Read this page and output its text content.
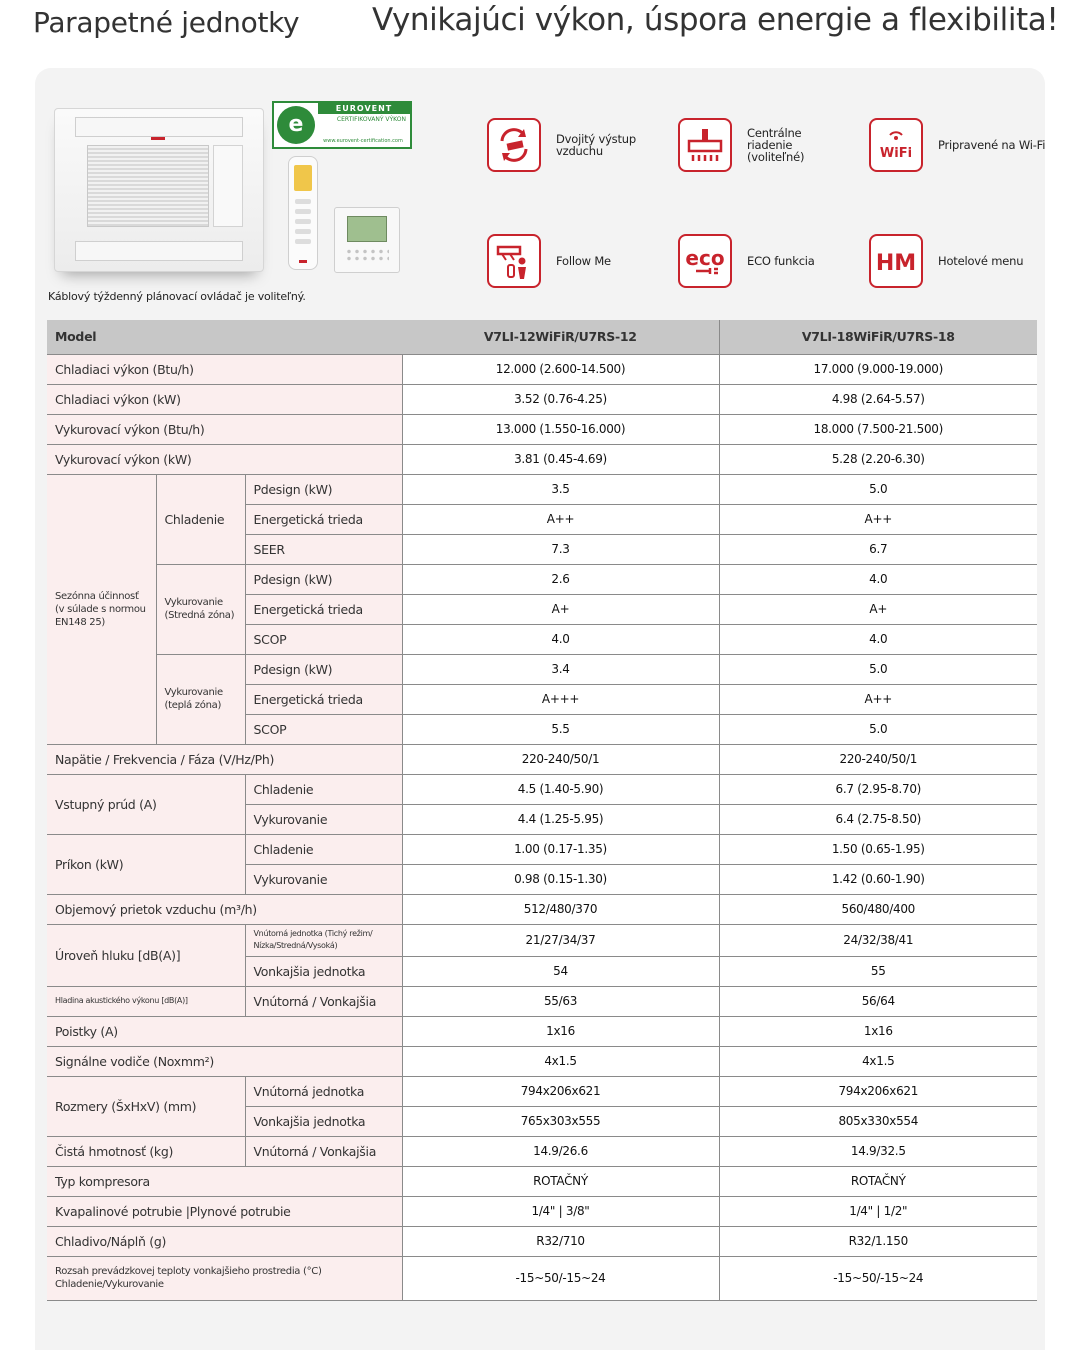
Parapetné jednotky Vynikajúci výkon, úspora energie a flexibilita!
e
EUROVENT
CERTIFIKOVANÝ VÝKON
www.eurovent-certification.com
Káblový týždenný plánovací ovládač je voliteľný.
Dvojitý výstup vzduchu
Centrálne riadenie (voliteľné)	WiFi
Pripravené na Wi-Fi
Follow Me	eco ECO funkcia	HM Hotelové menu
Model			V7LI-12WiFiR/U7RS-12	V7LI-18WiFiR/U7RS-18
Chladiaci výkon (Btu/h)			12.000 (2.600-14.500)	17.000 (9.000-19.000)
Chladiaci výkon (kW)			3.52 (0.76-4.25)	4.98 (2.64-5.57)
Vykurovací výkon (Btu/h)			13.000 (1.550-16.000)	18.000 (7.500-21.500)
Vykurovací výkon (kW)			3.81 (0.45-4.69)	5.28 (2.20-6.30)
Sezónna účinnosť (v súlade s normou EN148 25)	Chladenie	Pdesign (kW)	3.5	5.0
		Energetická trieda	A++	A++
		SEER	7.3	6.7
	Vykurovanie (Stredná zóna)	Pdesign (kW)	2.6	4.0
		Energetická trieda	A+	A+
		SCOP	4.0	4.0
	Vykurovanie (teplá zóna)	Pdesign (kW)	3.4	5.0
		Energetická trieda	A+++	A++
		SCOP	5.5	5.0
Napätie / Frekvencia / Fáza (V/Hz/Ph)			220-240/50/1	220-240/50/1
Vstupný prúd (A)		Chladenie	4.5 (1.40-5.90)	6.7 (2.95-8.70)
		Vykurovanie	4.4 (1.25-5.95)	6.4 (2.75-8.50)
Príkon (kW)		Chladenie	1.00 (0.17-1.35)	1.50 (0.65-1.95)
		Vykurovanie	0.98 (0.15-1.30)	1.42 (0.60-1.90)
Objemový prietok vzduchu (m³/h)			512/480/370	560/480/400
Úroveň hluku [dB(A)]		Vnútorná jednotka (Tichý režim/ Nízka/Stredná/Vysoká)	21/27/34/37	24/32/38/41
		Vonkajšia jednotka	54	55
Hladina akustického výkonu [dB(A)]		Vnútorná / Vonkajšia	55/63	56/64
Poistky (A)			1x16	1x16
Signálne vodiče (Noxmm²)			4x1.5	4x1.5
Rozmery (ŠxHxV) (mm)		Vnútorná jednotka	794x206x621	794x206x621
		Vonkajšia jednotka	765x303x555	805x330x554
Čistá hmotnosť (kg)		Vnútorná / Vonkajšia	14.9/26.6	14.9/32.5
Typ kompresora			ROTAČNÝ	ROTAČNÝ
Kvapalinové potrubie |Plynové potrubie			1/4" | 3/8"	1/4" | 1/2"
Chladivo/Náplň (g)			R32/710	R32/1.150
Rozsah prevádzkovej teploty vonkajšieho prostredia (°C) Chladenie/Vykurovanie			-15~50/-15~24	-15~50/-15~24
